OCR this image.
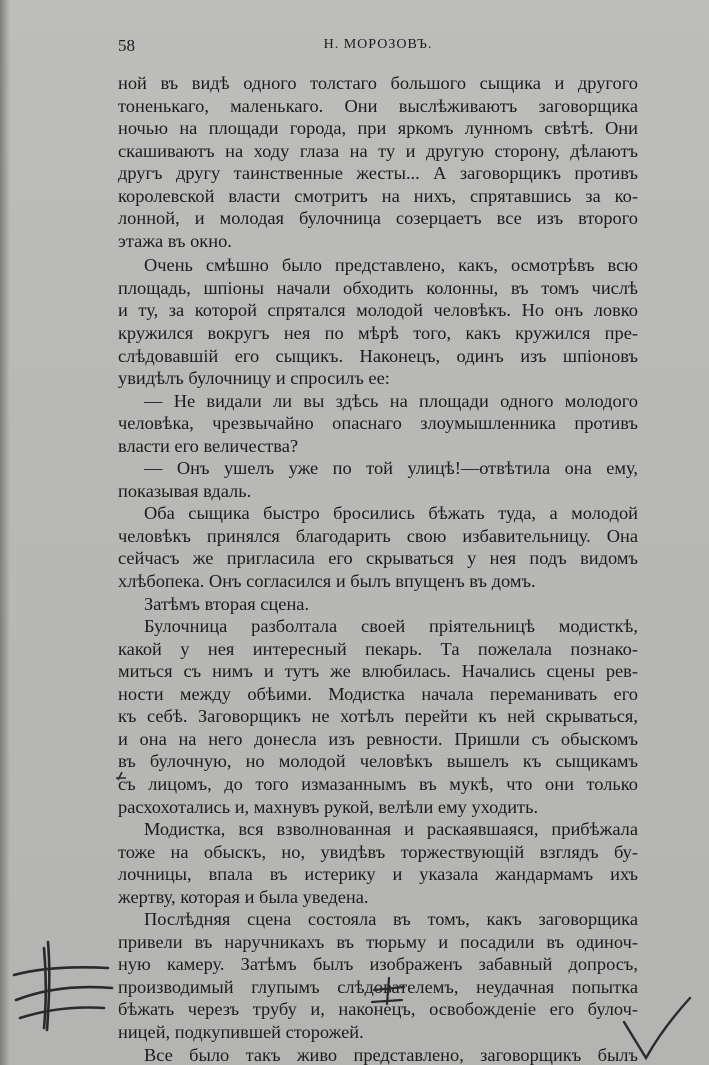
58	Н. МОРОЗОВЪ.
ной въ видѣ одного толстаго большого сыщика и другого
тоненькаго, маленькаго. Они выслѣживаютъ заговорщика
ночью на площади города, при яркомъ лунномъ свѣтѣ. Они
скашиваютъ на ходу глаза на ту и другую сторону, дѣлаютъ
другъ другу таинственные жесты... А заговорщикъ противъ
королевской власти смотритъ на нихъ, спрятавшись за ко-
лонной, и молодая булочница созерцаетъ все изъ второго
этажа въ окно.
Очень смѣшно было представлено, какъ, осмотрѣвъ всю
площадь, шпіоны начали обходить колонны, въ томъ числѣ
и ту, за которой спрятался молодой человѣкъ. Но онъ ловко
кружился вокругъ нея по мѣрѣ того, какъ кружился пре-
слѣдовавшій его сыщикъ. Наконецъ, одинъ изъ шпіоновъ
увидѣлъ булочницу и спросилъ ее:
— Не видали ли вы здѣсь на площади одного молодого
человѣка, чрезвычайно опаснаго злоумышленника противъ
власти его величества?
— Онъ ушелъ уже по той улицѣ!—отвѣтила она ему,
показывая вдаль.
Оба сыщика быстро бросились бѣжать туда, а молодой
человѣкъ принялся благодарить свою избавительницу. Она
сейчасъ же пригласила его скрываться у нея подъ видомъ
хлѣбопека. Онъ согласился и былъ впущенъ въ домъ.
Затѣмъ вторая сцена.
Булочница разболтала своей пріятельницѣ модисткѣ,
какой у нея интересный пекарь. Та пожелала познако-
миться съ нимъ и тутъ же влюбилась. Начались сцены рев-
ности между обѣими. Модистка начала переманивать его
къ себѣ. Заговорщикъ не хотѣлъ перейти къ ней скрываться,
и она на него донесла изъ ревности. Пришли съ обыскомъ
въ булочную, но молодой человѣкъ вышелъ къ сыщикамъ
съ лицомъ, до того измазаннымъ въ мукѣ, что они только
расхохотались и, махнувъ рукой, велѣли ему уходить.
Модистка, вся взволнованная и раскаявшаяся, прибѣжала
тоже на обыскъ, но, увидѣвъ торжествующій взглядъ бу-
лочницы, впала въ истерику и указала жандармамъ ихъ
жертву, которая и была уведена.
Послѣдняя сцена состояла въ томъ, какъ заговорщика
привели въ наручникахъ въ тюрьму и посадили въ одиноч-
ную камеру. Затѣмъ былъ изображенъ забавный допросъ,
производимый глупымъ слѣдователемъ, неудачная попытка
бѣжать черезъ трубу и, наконецъ, освобожденіе его булоч-
ницей, подкупившей сторожей.
Все было такъ живо представлено, заговорщикъ былъ
